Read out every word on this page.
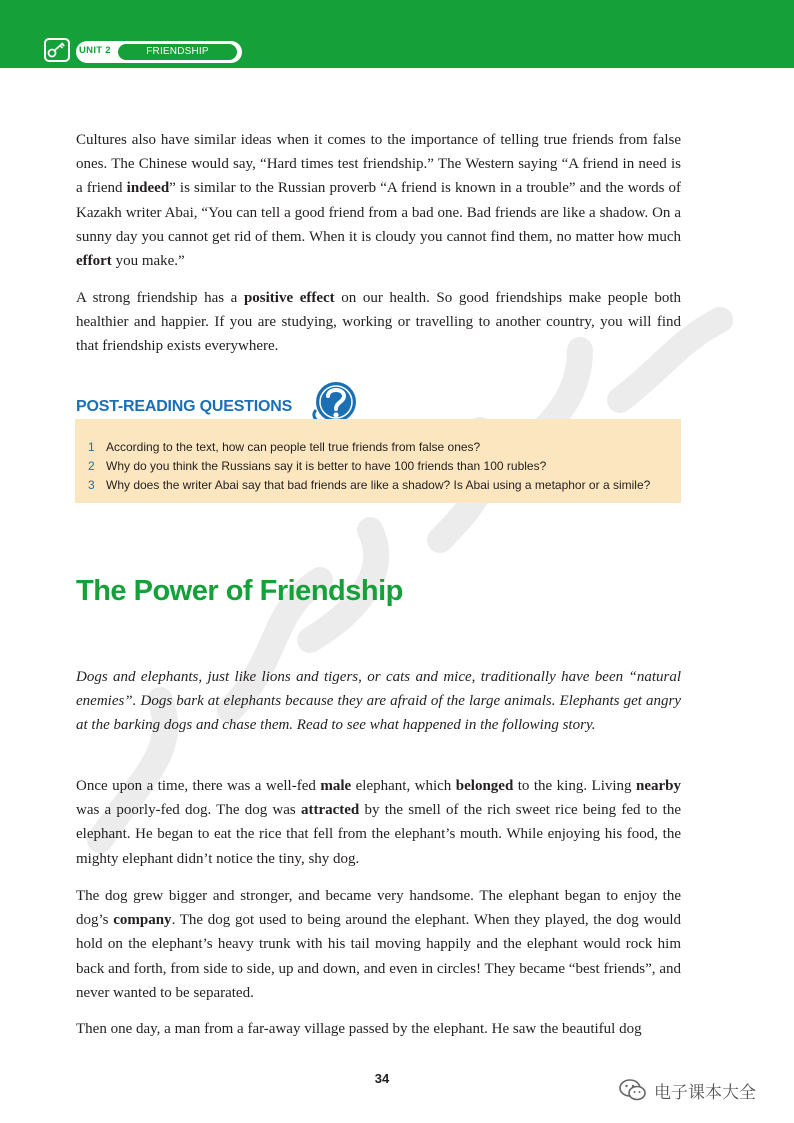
UNIT 2	FRIENDSHIP

Cultures also have similar ideas when it comes to the importance of telling true friends from false ones. The Chinese would say, “Hard times test friendship.” The Western saying “A friend in need is a friend indeed” is similar to the Russian proverb “A friend is known in a trouble” and the words of Kazakh writer Abai, “You can tell a good friend from a bad one. Bad friends are like a shadow. On a sunny day you cannot get rid of them. When it is cloudy you cannot find them, no matter how much effort you make.”

A strong friendship has a positive effect on our health. So good friendships make people both healthier and happier. If you are studying, working or travelling to another country, you will find that friendship exists everywhere.

POST-READING QUESTIONS
1 According to the text, how can people tell true friends from false ones?
2 Why do you think the Russians say it is better to have 100 friends than 100 rubles?
3 Why does the writer Abai say that bad friends are like a shadow? Is Abai using a metaphor or a simile?
The Power of Friendship

Dogs and elephants, just like lions and tigers, or cats and mice, traditionally have been “natural enemies”. Dogs bark at elephants because they are afraid of the large animals. Elephants get angry at the barking dogs and chase them. Read to see what happened in the following story.

Once upon a time, there was a well-fed male elephant, which belonged to the king. Living nearby was a poorly-fed dog. The dog was attracted by the smell of the rich sweet rice being fed to the elephant. He began to eat the rice that fell from the elephant’s mouth. While enjoying his food, the mighty elephant didn’t notice the tiny, shy dog.

The dog grew bigger and stronger, and became very handsome. The elephant began to enjoy the dog’s company. The dog got used to being around the elephant. When they played, the dog would hold on the elephant’s heavy trunk with his tail moving happily and the elephant would rock him back and forth, from side to side, up and down, and even in circles! They became “best friends”, and never wanted to be separated.

Then one day, a man from a far-away village passed by the elephant. He saw the beautiful dog

34
电子课本大全
